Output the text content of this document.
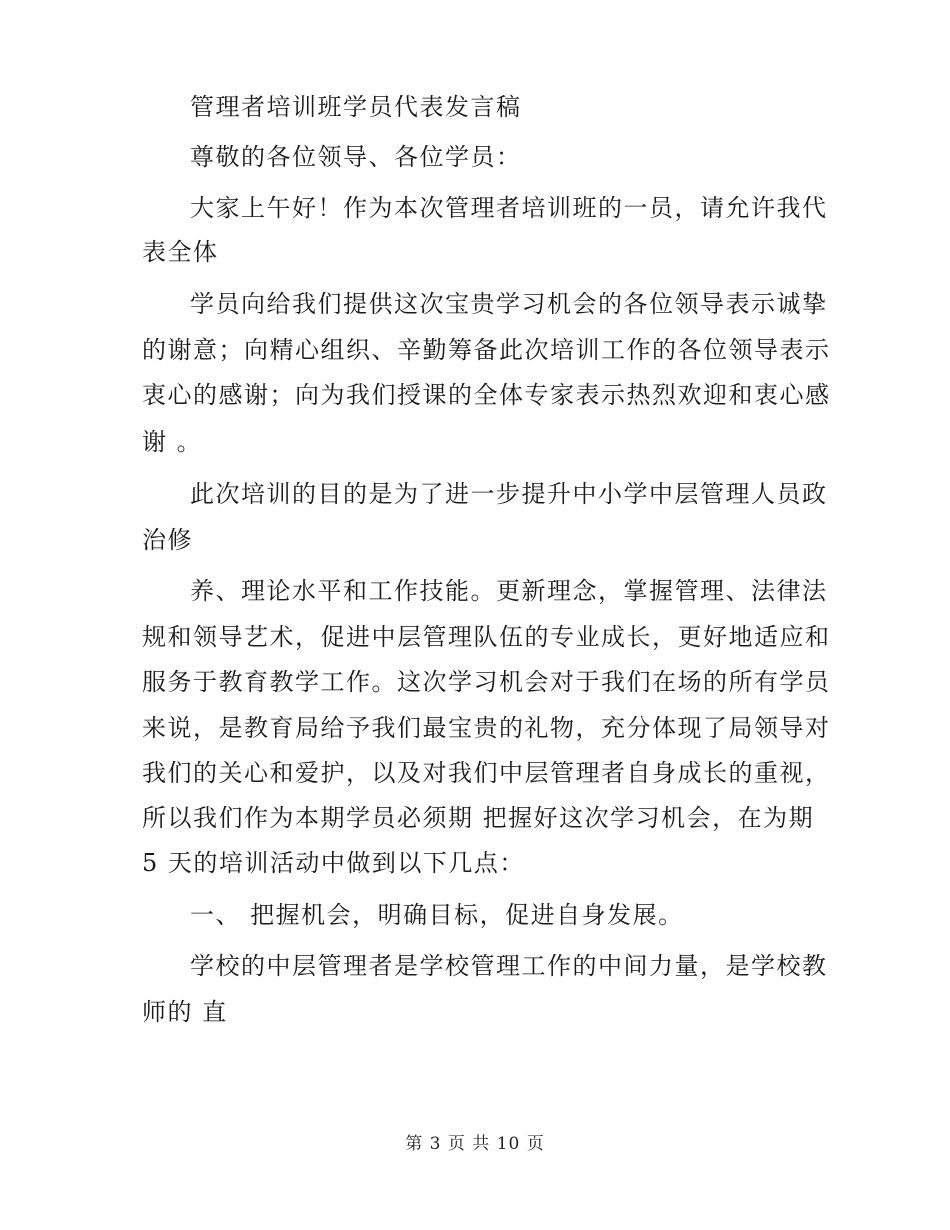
管理者培训班学员代表发言稿
尊敬的各位领导、各位学员：
大家上午好！作为本次管理者培训班的一员，请允许我代
表全体
学员向给我们提供这次宝贵学习机会的各位领导表示诚挚
的谢意；向精心组织、辛勤筹备此次培训工作的各位领导表示
衷心的感谢；向为我们授课的全体专家表示热烈欢迎和衷心感
谢 。
此次培训的目的是为了进一步提升中小学中层管理人员政
治修
养、理论水平和工作技能。更新理念，掌握管理、法律法
规和领导艺术，促进中层管理队伍的专业成长，更好地适应和
服务于教育教学工作。这次学习机会对于我们在场的所有学员
来说，是教育局给予我们最宝贵的礼物，充分体现了局领导对
我们的关心和爱护，以及对我们中层管理者自身成长的重视，
所以我们作为本期学员必须期 把握好这次学习机会，在为期
5 天的培训活动中做到以下几点：
一、 把握机会，明确目标，促进自身发展。
学校的中层管理者是学校管理工作的中间力量，是学校教
师的 直
第 3 页 共 10 页
